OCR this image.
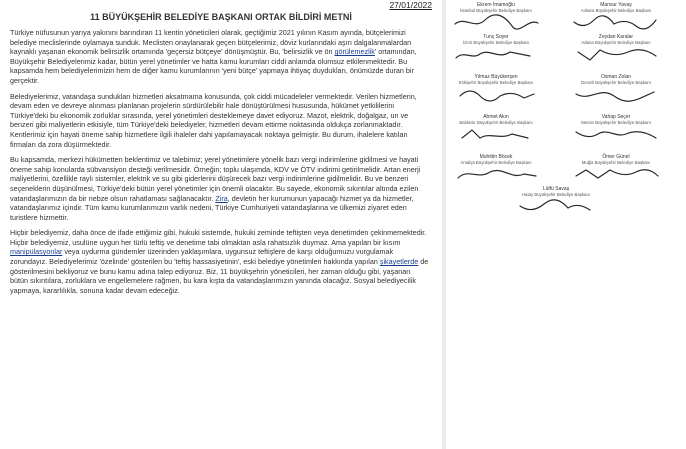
27/01/2022
11 BÜYÜKŞEHİR BELEDİYE BAŞKANI ORTAK BİLDİRİ METNİ

Türkiye nüfusunun yarıya yakınını barındıran 11 kentin yöneticileri olarak, geçtiğimiz 2021 yılının Kasım ayında, bütçelerimizi belediye meclislerinde oylamaya sunduk. Meclisten onaylanarak geçen bütçelerimiz, döviz kurlarındaki aşırı dalgalanmalardan kaynaklı yaşanan ekonomik belirsizlik ortamında 'geçersiz bütçeye' dönüşmüştür. Bu, 'belirsizlik ve ön görülemezlik' ortamından, Büyükşehir Belediyelerimiz kadar, bütün yerel yönetimler ve hatta kamu kurumları ciddi anlamda olumsuz etkilenmektedir. Bu kapsamda hem belediyelerimizin hem de diğer kamu kurumlarının 'yeni bütçe' yapmaya ihtiyaç duydukları, önümüzde duran bir gerçektir.

Belediyelerimiz, vatandaşa sundukları hizmetleri aksatmama konusunda, çok ciddi mücadeleler vermektedir. Verilen hizmetlerin, devam eden ve devreye alınması planlanan projelerin sürdürülebilir hale dönüştürülmesi hususunda, hükümet yetkililerini Türkiye'deki bu ekonomik zorluklar sırasında, yerel yönetimleri desteklemeye davet ediyoruz. Mazot, elektrik, doğalgaz, un ve benzeri gibi maliyetlerin etkisiyle, tüm Türkiye'deki belediyeler, hizmetleri devam ettirme noktasında oldukça zorlanmaktadır. Kentlerimiz için hayati öneme sahip hizmetlere ilgili ihaleler dahi yapılamayacak noktaya gelmiştir. Bu durum, ihalelere katılan firmaları da zora düşürmektedir.

Bu kapsamda, merkezi hükümetten beklentimiz ve talebimiz; yerel yönetimlere yönelik bazı vergi indirimlerine gidilmesi ve hayati öneme sahip konularda sübvansiyon desteği verilmesidir. Örneğin; toplu ulaşımda, KDV ve ÖTV indirimi getirilmelidir. Artan enerji maliyetlerini, özellikle raylı sistemler, elektrik ve su gibi giderlerini düşürecek bazı vergi indirimlerine gidilmelidir. Bu ve benzeri seçeneklerin düşünülmesi, Türkiye'deki bütün yerel yönetimler için önemli olacaktır. Bu sayede, ekonomik sıkıntılar altında ezilen vatandaşlarımızın da bir nebze olsun rahatlaması sağlanacaktır. Zira, devletin her kurumunun yapacağı hizmet ya da hizmetler, vatandaşlarımız içindir. Tüm kamu kurumlarımızın varlık nedeni, Türkiye Cumhuriyeti vatandaşlarına ve ülkemizi ziyaret eden turistlere hizmettir.

Hiçbir belediyemiz, daha önce de ifade ettiğimiz gibi, hukuki sistemde, hukuki zeminde teftişten veya denetimden çekinmemektedir. Hiçbir belediyemiz, usulüne uygun her türlü teftiş ve denetime tabi olmaktan asla rahatsızlık duymaz. Ama yapılan bir kısım manipülasyonlar veya uydurma gündemler üzerinden yaklaşımlara, uygunsuz teftişlere de karşı olduğumuzu vurgulamak zorundayız. Belediyelerimiz 'özelinde' gösterilen bu 'teftiş hassasiyetinin', eski belediye yönetimleri hakkında yapılan şikayetlerde de gösterilmesini bekliyoruz ve bunu kamu adına talep ediyoruz. Biz, 11 büyükşehrin yöneticileri, her zaman olduğu gibi, yaşanan bütün sıkıntılara, zorluklara ve engellemelere rağmen, bu kara kışta da vatandaşlarımızın yanında olacağız. Sosyal belediyecilik yapmaya, kararlılıkla, sonuna kadar devam edeceğiz.

Ekrem İmamoğlu
İstanbul Büyükşehir Belediye Başkanı
Mansur Yavaş
Ankara Büyükşehir Belediye Başkanı
Tunç Soyer
İzmir Büyükşehir Belediye Başkanı
Zeydan Karalar
Adana Büyükşehir Belediye Başkanı
Yılmaz Büyükerşen
Eskişehir Büyükşehir Belediye Başkanı
Osman Zolan
Denizli Büyükşehir Belediye Başkanı
Ahmet Akın
Balıkesir Büyükşehir Belediye Başkanı
Vahap Seçer
Mersin Büyükşehir Belediye Başkanı
Muhittin Böcek
Antalya Büyükşehir Belediye Başkanı
Ömer Günel
Muğla Büyükşehir Belediye Başkanı
Lütfü Savaş
Hatay Büyükşehir Belediye Başkanı
